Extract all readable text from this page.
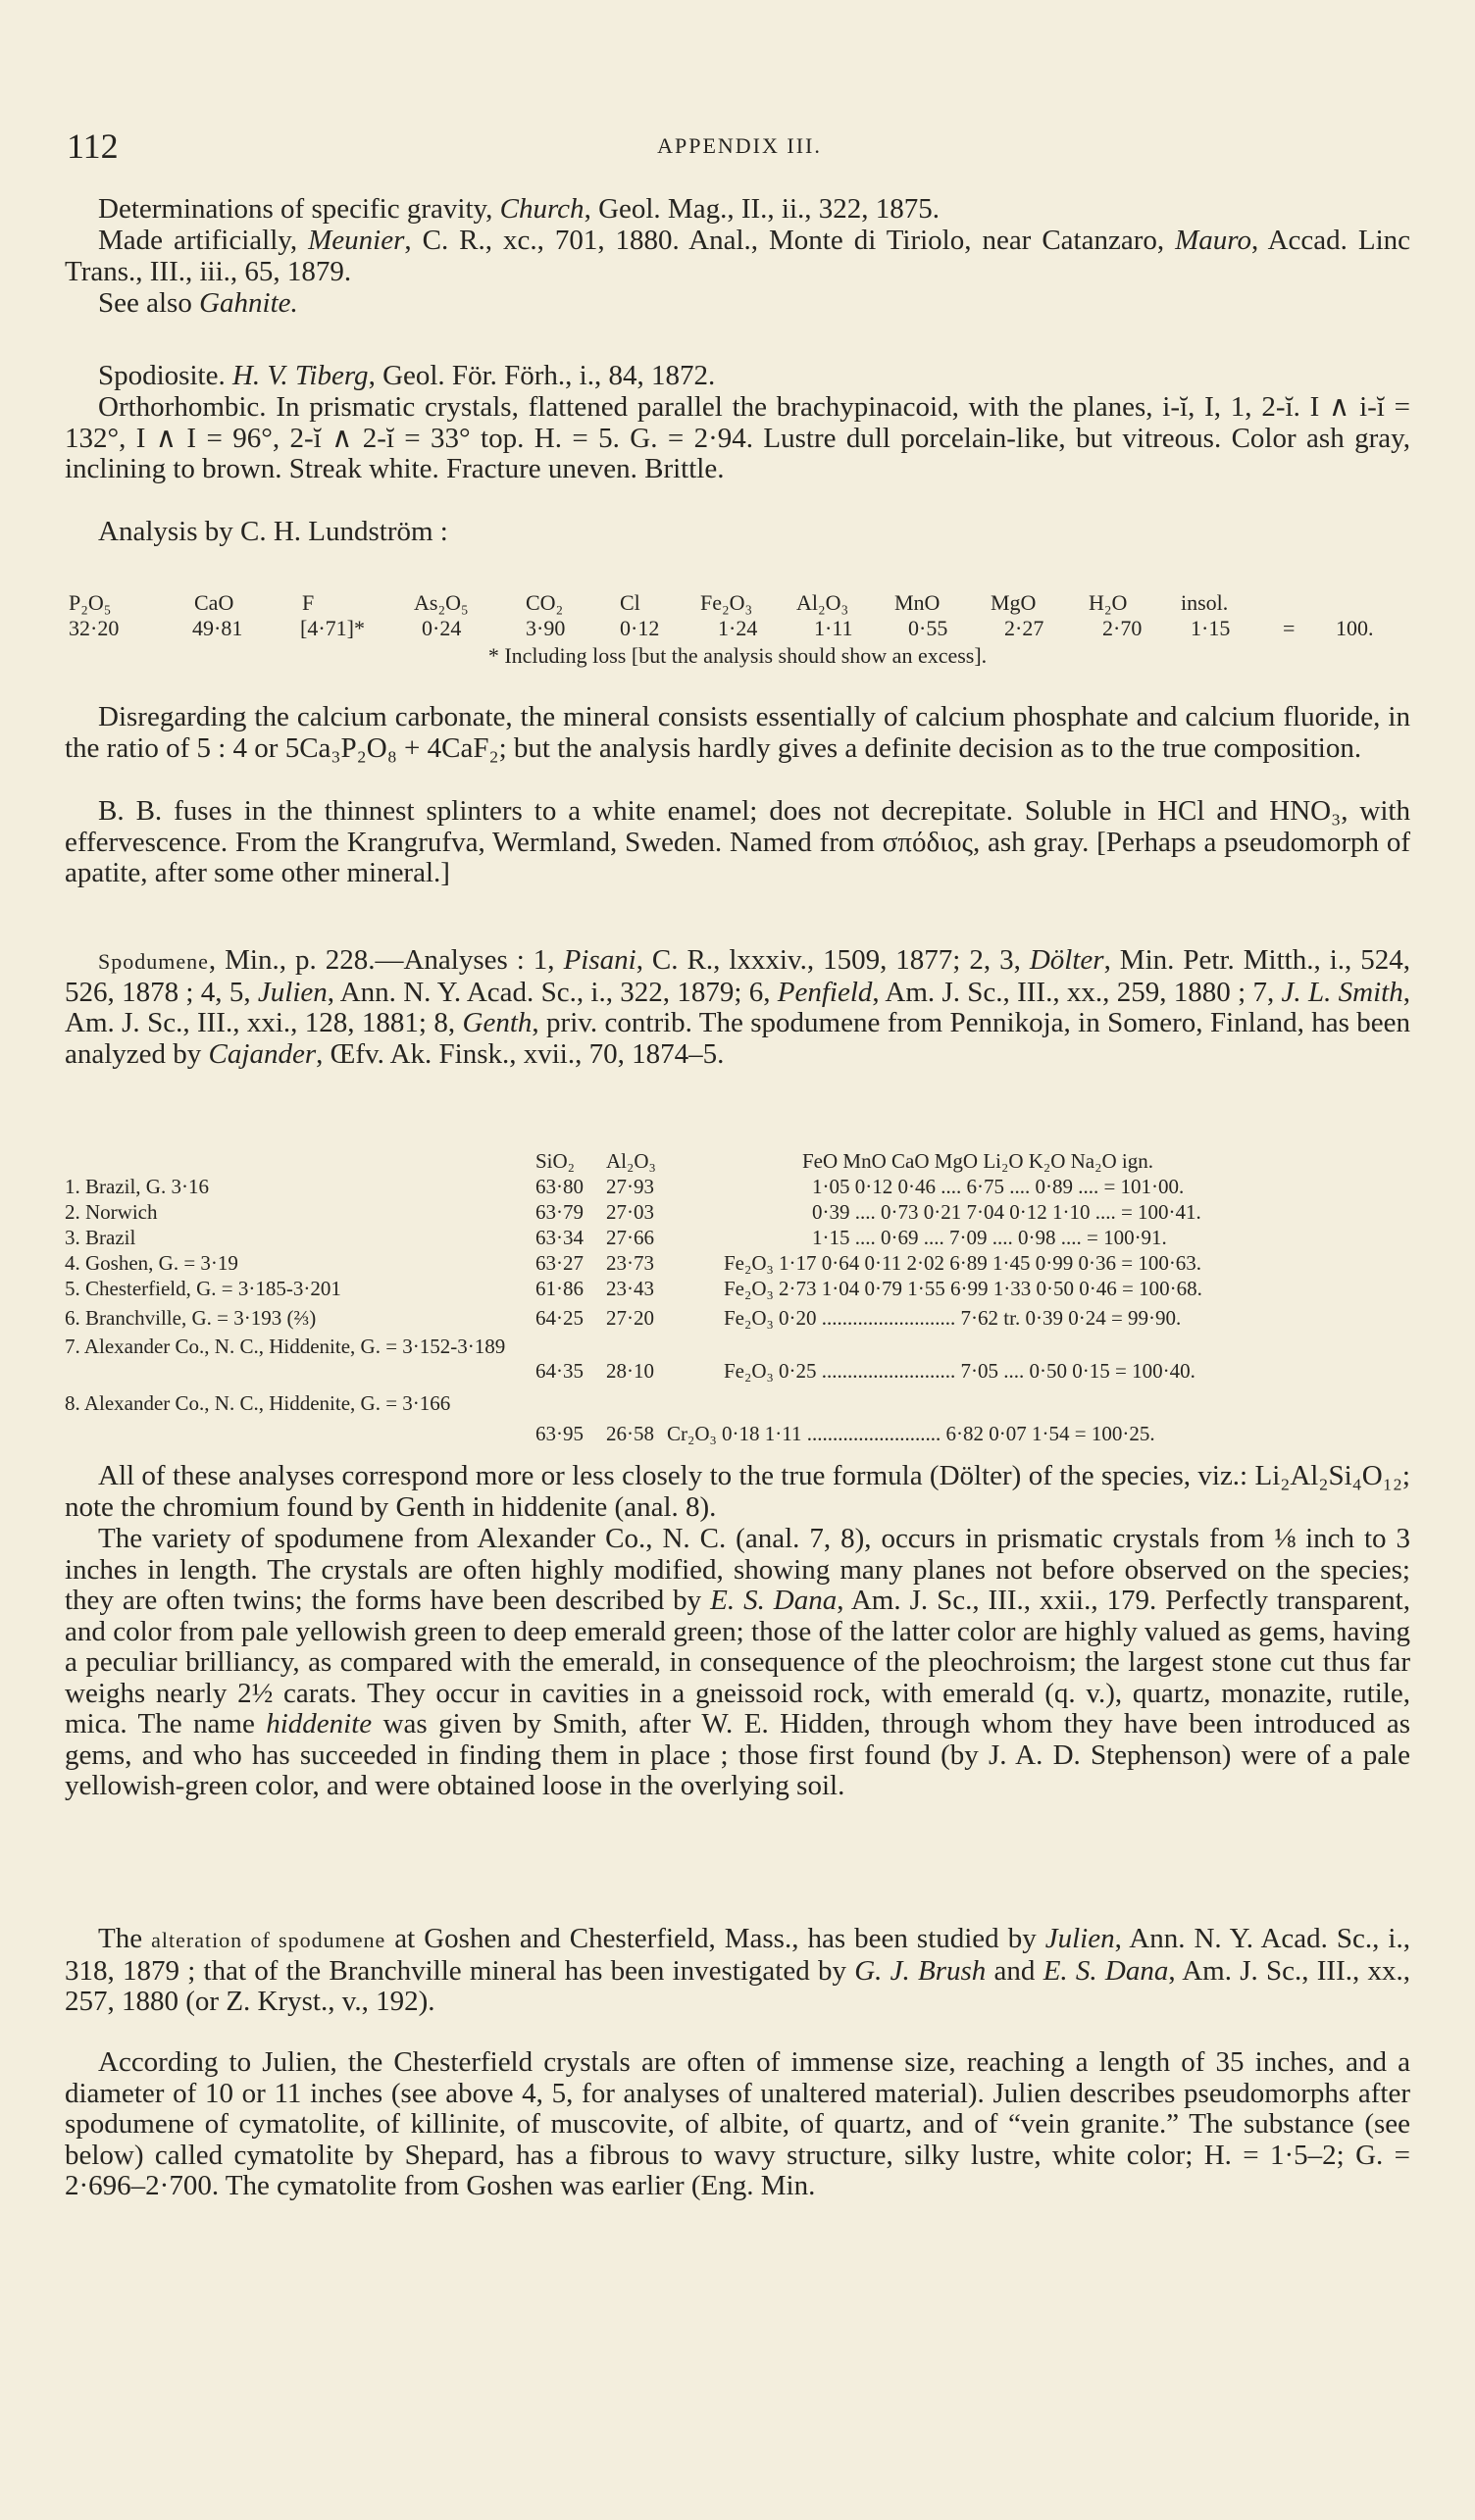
112	APPENDIX III.

Determinations of specific gravity, Church, Geol. Mag., II., ii., 322, 1875.

Made artificially, Meunier, C. R., xc., 701, 1880. Anal., Monte di Tiriolo, near Catanzaro, Mauro, Accad. Linc Trans., III., iii., 65, 1879.

See also Gahnite.

Spodiosite. H. V. Tiberg, Geol. För. Förh., i., 84, 1872.

Orthorhombic. In prismatic crystals, flattened parallel the brachypinacoid, with the planes, i-ĭ, I, 1, 2-ĭ. I ∧ i-ĭ = 132°, I ∧ I = 96°, 2-ĭ ∧ 2-ĭ = 33° top. H. = 5. G. = 2·94. Lustre dull porcelain-like, but vitreous. Color ash gray, inclining to brown. Streak white. Fracture uneven. Brittle.

Analysis by C. H. Lundström :

P₂O₅	CaO	F	As₂O₅	CO₂	Cl	Fe₂O₃ Al₂O₃ MnO MgO H₂O insol.
32·20	49·81	[4·71]*	0·24	3·90	0·12	1·24	1·11	0·55	2·27	2·70 1·15 = 100.
* Including loss [but the analysis should show an excess].

Disregarding the calcium carbonate, the mineral consists essentially of calcium phosphate and calcium fluoride, in the ratio of 5 : 4 or 5Ca₃P₂O₈ + 4CaF₂; but the analysis hardly gives a definite decision as to the true composition.

B. B. fuses in the thinnest splinters to a white enamel; does not decrepitate. Soluble in HCl and HNO₃, with effervescence. From the Krangrufva, Wermland, Sweden. Named from σπόδιος, ash gray. [Perhaps a pseudomorph of apatite, after some other mineral.]

Spodumene, Min., p. 228.—Analyses : 1, Pisani, C. R., lxxxiv., 1509, 1877; 2, 3, Dölter, Min. Petr. Mitth., i., 524, 526, 1878 ; 4, 5, Julien, Ann. N. Y. Acad. Sc., i., 322, 1879; 6, Penfield, Am. J. Sc., III., xx., 259, 1880 ; 7, J. L. Smith, Am. J. Sc., III., xxi., 128, 1881; 8, Genth, priv. contrib. The spodumene from Pennikoja, in Somero, Finland, has been analyzed by Cajander, Œfv. Ak. Finsk., xvii., 70, 1874–5.

SiO₂ Al₂O₃	FeO MnO CaO MgO Li₂O K₂O Na₂O ign.
1. Brazil, G. 3·16	63·80 27·93	1·05 0·12 0·46 .... 6·75 .... 0·89 .... = 101·00.
2. Norwich	63·79 27·03	0·39 .... 0·73 0·21 7·04 0·12 1·10 .... = 100·41.
3. Brazil	63·34 27·66	1·15 .... 0·69 .... 7·09 .... 0·98 .... = 100·91.
4. Goshen, G. = 3·19	63·27 23·73	Fe₂O₃ 1·17 0·64 0·11 2·02 6·89 1·45 0·99 0·36 = 100·63.
5. Chesterfield, G. = 3·185-3·201	61·86 23·43	Fe₂O₃ 2·73 1·04 0·79 1·55 6·99 1·33 0·50 0·46 = 100·68.
6. Branchville, G. = 3·193 (⅔)	64·25 27·20	Fe₂O₃ 0·20 .......................... 7·62 tr. 0·39 0·24 = 99·90.
7. Alexander Co., N. C., Hiddenite, G. = 3·152-3·189
64·35 28·10	Fe₂O₃ 0·25 .......................... 7·05 .... 0·50 0·15 = 100·40.
8. Alexander Co., N. C., Hiddenite, G. = 3·166
63·95 26·58 Cr₂O₃ 0·18 1·11 .......................... 6·82 0·07 1·54 = 100·25.

All of these analyses correspond more or less closely to the true formula (Dölter) of the species, viz.: Li₂Al₂Si₄O₁₂; note the chromium found by Genth in hiddenite (anal. 8).

The variety of spodumene from Alexander Co., N. C. (anal. 7, 8), occurs in prismatic crystals from ⅛ inch to 3 inches in length. The crystals are often highly modified, showing many planes not before observed on the species; they are often twins; the forms have been described by E. S. Dana, Am. J. Sc., III., xxii., 179. Perfectly transparent, and color from pale yellowish green to deep emerald green; those of the latter color are highly valued as gems, having a peculiar brilliancy, as compared with the emerald, in consequence of the pleochroism; the largest stone cut thus far weighs nearly 2½ carats. They occur in cavities in a gneissoid rock, with emerald (q. v.), quartz, monazite, rutile, mica. The name hiddenite was given by Smith, after W. E. Hidden, through whom they have been introduced as gems, and who has succeeded in finding them in place ; those first found (by J. A. D. Stephenson) were of a pale yellowish-green color, and were obtained loose in the overlying soil.

The alteration of spodumene at Goshen and Chesterfield, Mass., has been studied by Julien, Ann. N. Y. Acad. Sc., i., 318, 1879 ; that of the Branchville mineral has been investigated by G. J. Brush and E. S. Dana, Am. J. Sc., III., xx., 257, 1880 (or Z. Kryst., v., 192).

According to Julien, the Chesterfield crystals are often of immense size, reaching a length of 35 inches, and a diameter of 10 or 11 inches (see above 4, 5, for analyses of unaltered material). Julien describes pseudomorphs after spodumene of cymatolite, of killinite, of muscovite, of albite, of quartz, and of “vein granite.” The substance (see below) called cymatolite by Shepard, has a fibrous to wavy structure, silky lustre, white color; H. = 1·5–2; G. = 2·696–2·700. The cymatolite from Goshen was earlier (Eng. Min.
